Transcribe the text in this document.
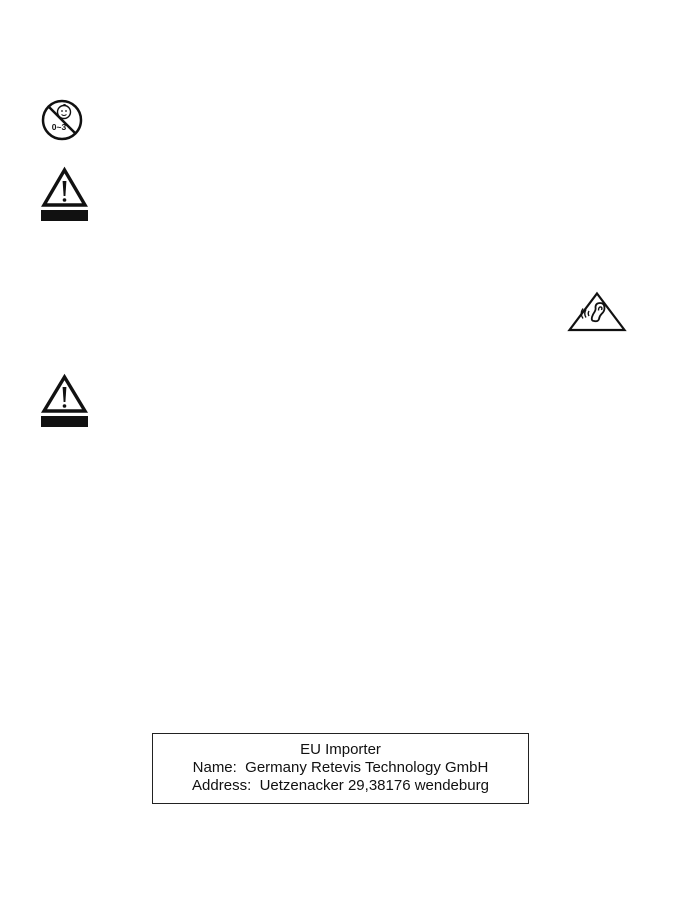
0~3
EU Importer
Name: Germany Retevis Technology GmbH
Address: Uetzenacker 29,38176 wendeburg
